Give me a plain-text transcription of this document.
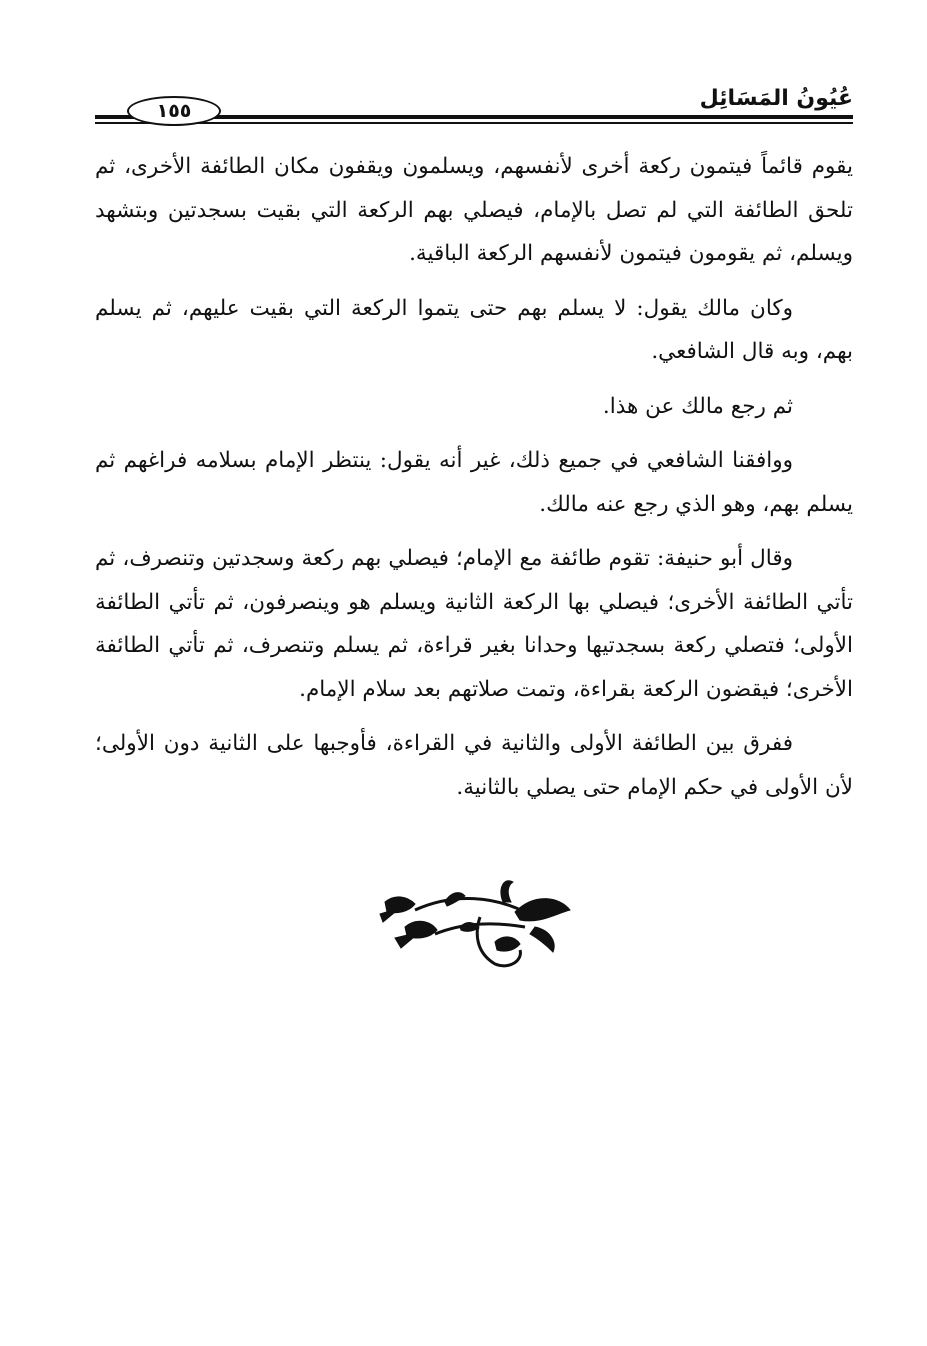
١٥٥	عُيُونُ المَسَائِل

يقوم قائماً فيتمون ركعة أخرى لأنفسهم، ويسلمون ويقفون مكان الطائفة الأخرى، ثم تلحق الطائفة التي لم تصل بالإمام، فيصلي بهم الركعة التي بقيت بسجدتين وبتشهد ويسلم، ثم يقومون فيتمون لأنفسهم الركعة الباقية.

وكان مالك يقول: لا يسلم بهم حتى يتموا الركعة التي بقيت عليهم، ثم يسلم بهم، وبه قال الشافعي.

ثم رجع مالك عن هذا.

ووافقنا الشافعي في جميع ذلك، غير أنه يقول: ينتظر الإمام بسلامه فراغهم ثم يسلم بهم، وهو الذي رجع عنه مالك.

وقال أبو حنيفة: تقوم طائفة مع الإمام؛ فيصلي بهم ركعة وسجدتين وتنصرف، ثم تأتي الطائفة الأخرى؛ فيصلي بها الركعة الثانية ويسلم هو وينصرفون، ثم تأتي الطائفة الأولى؛ فتصلي ركعة بسجدتيها وحدانا بغير قراءة، ثم يسلم وتنصرف، ثم تأتي الطائفة الأخرى؛ فيقضون الركعة بقراءة، وتمت صلاتهم بعد سلام الإمام.

ففرق بين الطائفة الأولى والثانية في القراءة، فأوجبها على الثانية دون الأولى؛ لأن الأولى في حكم الإمام حتى يصلي بالثانية.
